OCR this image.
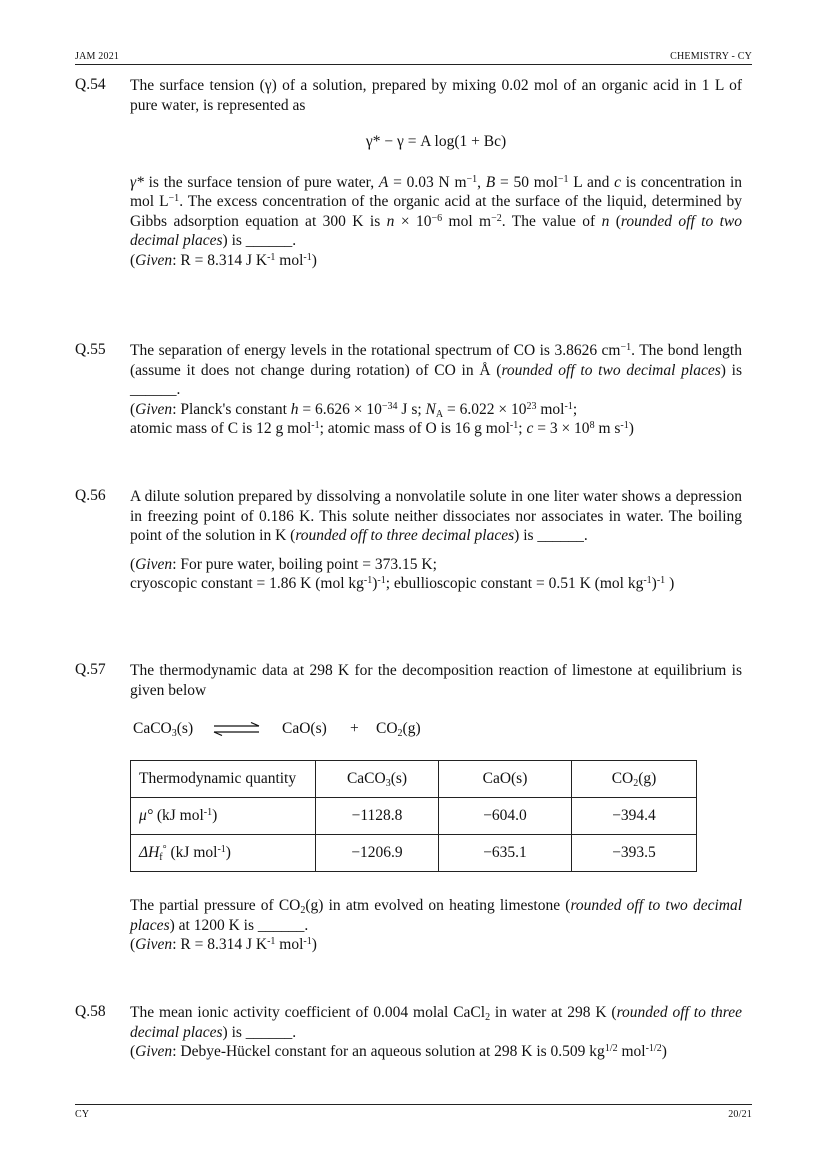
JAM 2021	CHEMISTRY - CY
Q.54 The surface tension (γ) of a solution, prepared by mixing 0.02 mol of an organic acid in 1 L of pure water, is represented as

γ* − γ = A log(1 + Bc)

γ* is the surface tension of pure water, A = 0.03 N $m^{-1}$, B = 50 mol$^{-1}$ L and c is concentration in mol $L^{-1}$. The excess concentration of the organic acid at the surface of the liquid, determined by Gibbs adsorption equation at 300 K is $n \times 10^{-6}$ mol $m^{-2}$. The value of n (rounded off to two decimal places) is ______.

(Given: R = 8.314 J $K^{-1}$ mol$^{-1}$)

Q.55 The separation of energy levels in the rotational spectrum of CO is 3.8626 $cm^{-1}$. The bond length (assume it does not change during rotation) of CO in Å (rounded off to two decimal places) is ______.

(Given: Planck's constant $h = 6.626 \times 10^{-34}$ J s; $N_A = 6.022 \times 10^{23}$ mol$^{-1}$;

atomic mass of C is 12 g mol$^{-1}$; atomic mass of O is 16 g mol$^{-1}$; $c = 3 \times 10^8$ m $s^{-1}$)

Q.56 A dilute solution prepared by dissolving a nonvolatile solute in one liter water shows a depression in freezing point of 0.186 K. This solute neither dissociates nor associates in water. The boiling point of the solution in K (rounded off to three decimal places) is ______.

(Given: For pure water, boiling point = 373.15 K;

cryoscopic constant = 1.86 K (mol $kg^{-1})^{-1}$; ebullioscopic constant = 0.51 K (mol $kg^{-1})^{-1}$ )

Q.57 The thermodynamic data at 298 K for the decomposition reaction of limestone at equilibrium is given below

CaCO$_3$(s) ⇌ $CaO(s) + CO_2(g)$
Thermodynamic quantity	CaCO$_3$(s)	CaO(s)	$CO_2(g)$
μ° (kJ mol$^{-1}$)	−1128.8	−604.0	−394.4
$\Delta H_f^\circ$ (kJ mol$^{-1}$)	−1206.9	−635.1	−393.5

The partial pressure of $CO_2(g)$ in atm evolved on heating limestone (rounded off to two decimal places) at 1200 K is ______.

(Given: R = 8.314 J $K^{-1}$ mol$^{-1}$)

Q.58 The mean ionic activity coefficient of 0.004 molal CaCl$_2$ in water at 298 K (rounded off to three decimal places) is ______.

(Given: Debye-Hückel constant for an aqueous solution at 298 K is 0.509 $kg^{1/2}$ mol$^{-1/2}$)

CY	20/21
